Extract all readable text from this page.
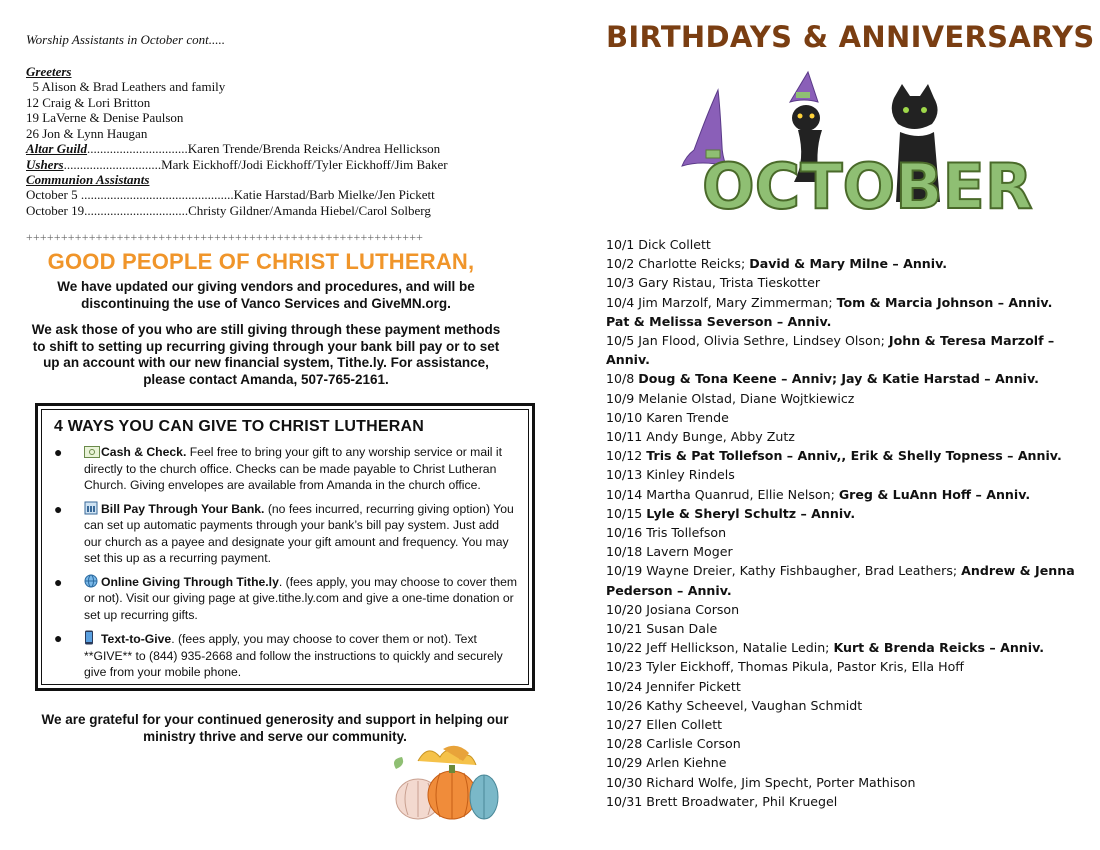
Worship Assistants in October cont.....
Greeters
5 Alison & Brad Leathers and family
12 Craig & Lori Britton
19 LaVerne & Denise Paulson
26 Jon & Lynn Haugan
Altar Guild...............................Karen Trende/Brenda Reicks/Andrea Hellickson
Ushers..............................Mark Eickhoff/Jodi Eickhoff/Tyler Eickhoff/Jim Baker
Communion Assistants
October 5 ...............................................Katie Harstad/Barb Mielke/Jen Pickett
October 19................................Christy Gildner/Amanda Hiebel/Carol Solberg
+++++++++++++++++++++++++++++++++++++++++++++++++++++++++
GOOD PEOPLE OF CHRIST LUTHERAN,
We have updated our giving vendors and procedures, and will be discontinuing the use of Vanco Services and GiveMN.org.
We ask those of you who are still giving through these payment methods to shift to setting up recurring giving through your bank bill pay or to set up an account with our new financial system, Tithe.ly. For assistance, please contact Amanda, 507-765-2161.
4 WAYS YOU CAN GIVE TO CHRIST LUTHERAN
●	Cash & Check. Feel free to bring your gift to any worship service or mail it directly to the church office. Checks can be made payable to Christ Lutheran Church. Giving envelopes are available from Amanda in the church office.
●	Bill Pay Through Your Bank. (no fees incurred, recurring giving option) You can set up automatic payments through your bank’s bill pay system. Just add our church as a payee and designate your gift amount and frequency. You may set this up as a recurring payment.
●	Online Giving Through Tithe.ly. (fees apply, you may choose to cover them or not). Visit our giving page at give.tithe.ly.com and give a one-time donation or set up recurring gifts.
●	Text-to-Give. (fees apply, you may choose to cover them or not). Text **GIVE** to (844) 935-2668 and follow the instructions to quickly and securely give from your mobile phone.
We are grateful for your continued generosity and support in helping our ministry thrive and serve our community.
BIRTHDAYS & ANNIVERSARYS
OCTOBER
10/1 Dick Collett
10/2 Charlotte Reicks; David & Mary Milne – Anniv.
10/3 Gary Ristau, Trista Tieskotter
10/4 Jim Marzolf, Mary Zimmerman; Tom & Marcia Johnson – Anniv. Pat & Melissa Severson – Anniv.
10/5 Jan Flood, Olivia Sethre, Lindsey Olson; John & Teresa Marzolf – Anniv.
10/8 Doug & Tona Keene – Anniv; Jay & Katie Harstad – Anniv.
10/9 Melanie Olstad, Diane Wojtkiewicz
10/10 Karen Trende
10/11 Andy Bunge, Abby Zutz
10/12 Tris & Pat Tollefson – Anniv,, Erik & Shelly Topness – Anniv.
10/13 Kinley Rindels
10/14 Martha Quanrud, Ellie Nelson; Greg & LuAnn Hoff – Anniv.
10/15 Lyle & Sheryl Schultz – Anniv.
10/16 Tris Tollefson
10/18 Lavern Moger
10/19 Wayne Dreier, Kathy Fishbaugher, Brad Leathers; Andrew & Jenna Pederson – Anniv.
10/20 Josiana Corson
10/21 Susan Dale
10/22 Jeff Hellickson, Natalie Ledin; Kurt & Brenda Reicks – Anniv.
10/23 Tyler Eickhoff, Thomas Pikula, Pastor Kris, Ella Hoff
10/24 Jennifer Pickett
10/26 Kathy Scheevel, Vaughan Schmidt
10/27 Ellen Collett
10/28 Carlisle Corson
10/29 Arlen Kiehne
10/30 Richard Wolfe, Jim Specht, Porter Mathison
10/31 Brett Broadwater, Phil Kruegel
